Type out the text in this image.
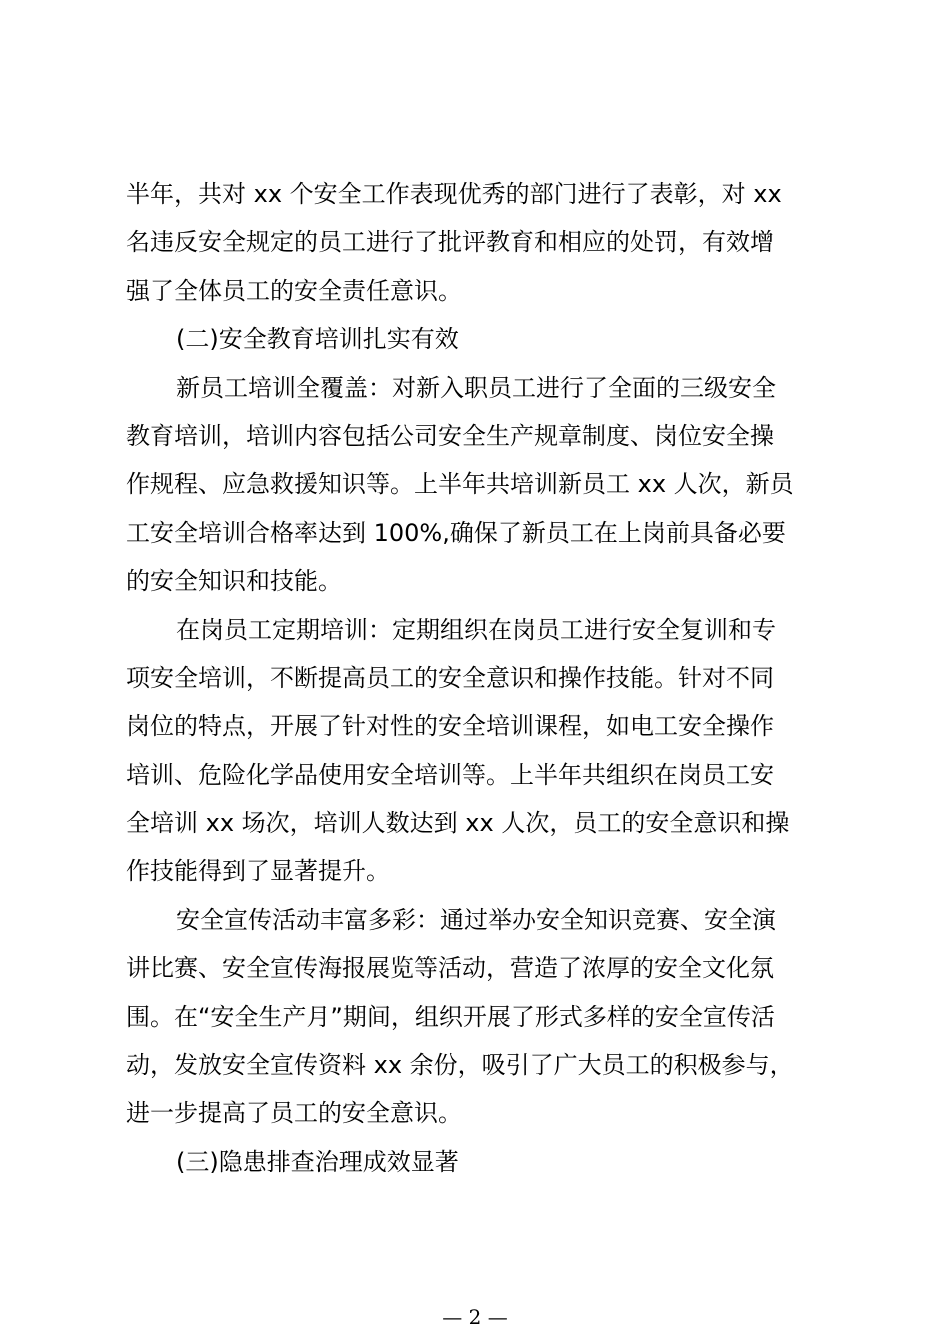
半年，共对 xx 个安全工作表现优秀的部门进行了表彰，对 xx
名违反安全规定的员工进行了批评教育和相应的处罚，有效增
强了全体员工的安全责任意识。
(二)安全教育培训扎实有效
新员工培训全覆盖：对新入职员工进行了全面的三级安全
教育培训，培训内容包括公司安全生产规章制度、岗位安全操
作规程、应急救援知识等。上半年共培训新员工 xx 人次，新员
工安全培训合格率达到 100%,确保了新员工在上岗前具备必要
的安全知识和技能。
在岗员工定期培训：定期组织在岗员工进行安全复训和专
项安全培训，不断提高员工的安全意识和操作技能。针对不同
岗位的特点，开展了针对性的安全培训课程，如电工安全操作
培训、危险化学品使用安全培训等。上半年共组织在岗员工安
全培训 xx 场次，培训人数达到 xx 人次，员工的安全意识和操
作技能得到了显著提升。
安全宣传活动丰富多彩：通过举办安全知识竞赛、安全演
讲比赛、安全宣传海报展览等活动，营造了浓厚的安全文化氛
围。在“安全生产月”期间，组织开展了形式多样的安全宣传活
动，发放安全宣传资料 xx 余份，吸引了广大员工的积极参与，
进一步提高了员工的安全意识。
(三)隐患排查治理成效显著
— 2 —
